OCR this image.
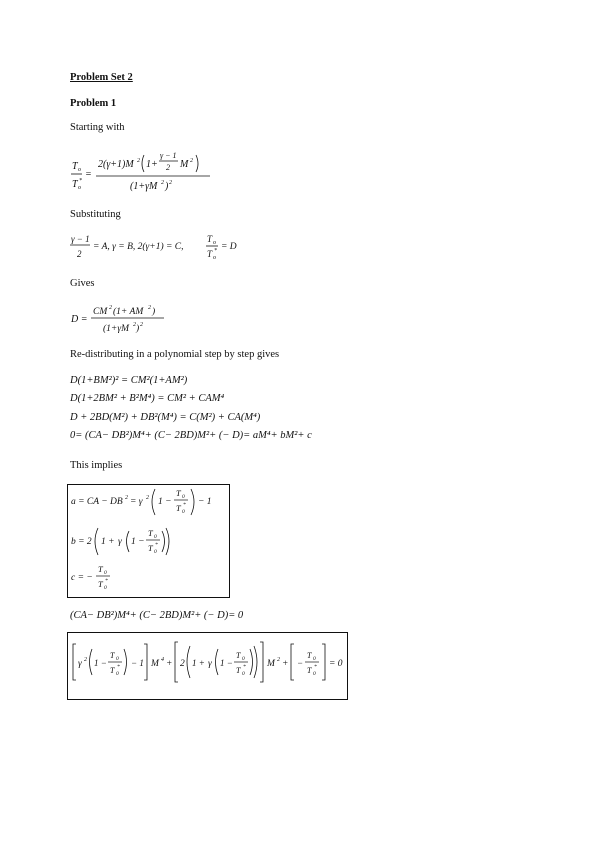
Problem Set 2
Problem 1
Starting with
T o
T o
*
=
2(γ+1)M 2 1+
γ − 1
2 M 2
(1+γM 2 ) 2
Substituting
γ − 1
2
= A, γ = B, 2(γ+1) = C,
T o
T o
* = D
Gives
D =
CM 2 (1+ AM 2 )
(1+γM 2 ) 2
Re-distributing in a polynomial step by step gives
D(1+BM²)² = CM²(1+AM²)
D(1+2BM² + B²M⁴) = CM² + CAM⁴
D + 2BD(M²) + DB²(M⁴) = C(M²) + CA(M⁴)
0= (CA− DB²)M⁴+ (C− 2BD)M²+ (− D)= aM⁴+ bM²+ c
This implies
a = CA − DB 2 = γ 2 1 −
T 0
T 0
* − 1
b = 2 1 + γ 1 −
T 0
T 0
*
c = −
T 0
T 0
*
(CA− DB²)M⁴+ (C− 2BD)M²+ (− D)= 0
γ 2 1 −
T 0
T 0
* − 1 M 4 + 2 1 + γ 1 −
T 0
T 0
* M 2 + −
T 0
T 0
* = 0
